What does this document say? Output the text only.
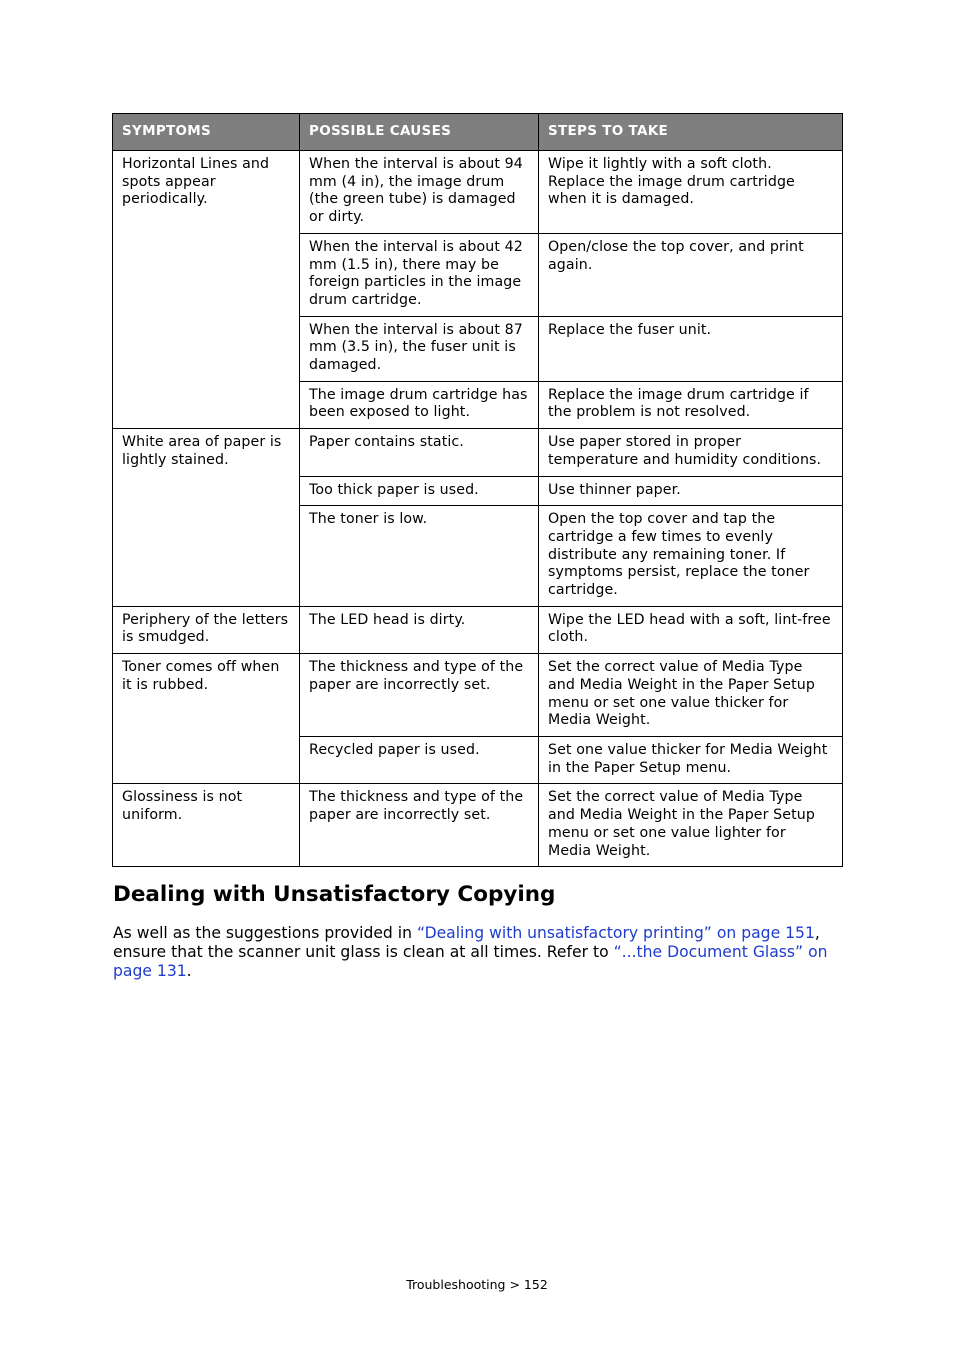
SYMPTOMS	POSSIBLE CAUSES	STEPS TO TAKE
Horizontal Lines and spots appear periodically.	When the interval is about 94 mm (4 in), the image drum (the green tube) is damaged or dirty.	Wipe it lightly with a soft cloth. Replace the image drum cartridge when it is damaged.
	When the interval is about 42 mm (1.5 in), there may be foreign particles in the image drum cartridge.	Open/close the top cover, and print again.
	When the interval is about 87 mm (3.5 in), the fuser unit is damaged.	Replace the fuser unit.
	The image drum cartridge has been exposed to light.	Replace the image drum cartridge if the problem is not resolved.
White area of paper is lightly stained.	Paper contains static.	Use paper stored in proper temperature and humidity conditions.
	Too thick paper is used.	Use thinner paper.
	The toner is low.	Open the top cover and tap the cartridge a few times to evenly distribute any remaining toner. If symptoms persist, replace the toner cartridge.
Periphery of the letters is smudged.	The LED head is dirty.	Wipe the LED head with a soft, lint-free cloth.
Toner comes off when it is rubbed.	The thickness and type of the paper are incorrectly set.	Set the correct value of Media Type and Media Weight in the Paper Setup menu or set one value thicker for Media Weight.
	Recycled paper is used.	Set one value thicker for Media Weight in the Paper Setup menu.
Glossiness is not uniform.	The thickness and type of the paper are incorrectly set.	Set the correct value of Media Type and Media Weight in the Paper Setup menu or set one value lighter for Media Weight.
Dealing with Unsatisfactory Copying

As well as the suggestions provided in “Dealing with unsatisfactory printing” on page 151, ensure that the scanner unit glass is clean at all times. Refer to “...the Document Glass” on page 131.

Troubleshooting > 152
